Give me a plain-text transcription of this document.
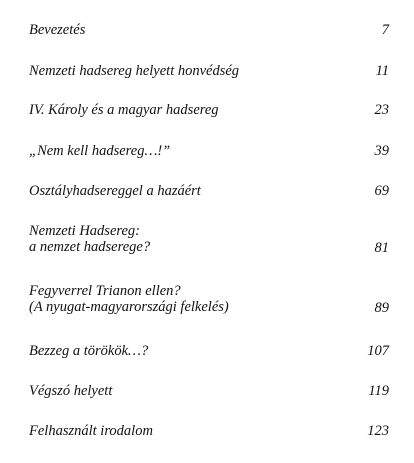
Bevezetés	7
Nemzeti hadsereg helyett honvédség	11
IV. Károly és a magyar hadsereg	23
„Nem kell hadsereg…!”	39
Osztályhadsereggel a hazáért	69
Nemzeti Hadsereg:
a nemzet hadserege?	81
Fegyverrel Trianon ellen?
(A nyugat-magyarországi felkelés)	89
Bezzeg a törökök…?	107
Végszó helyett	119
Felhasznált irodalom	123
